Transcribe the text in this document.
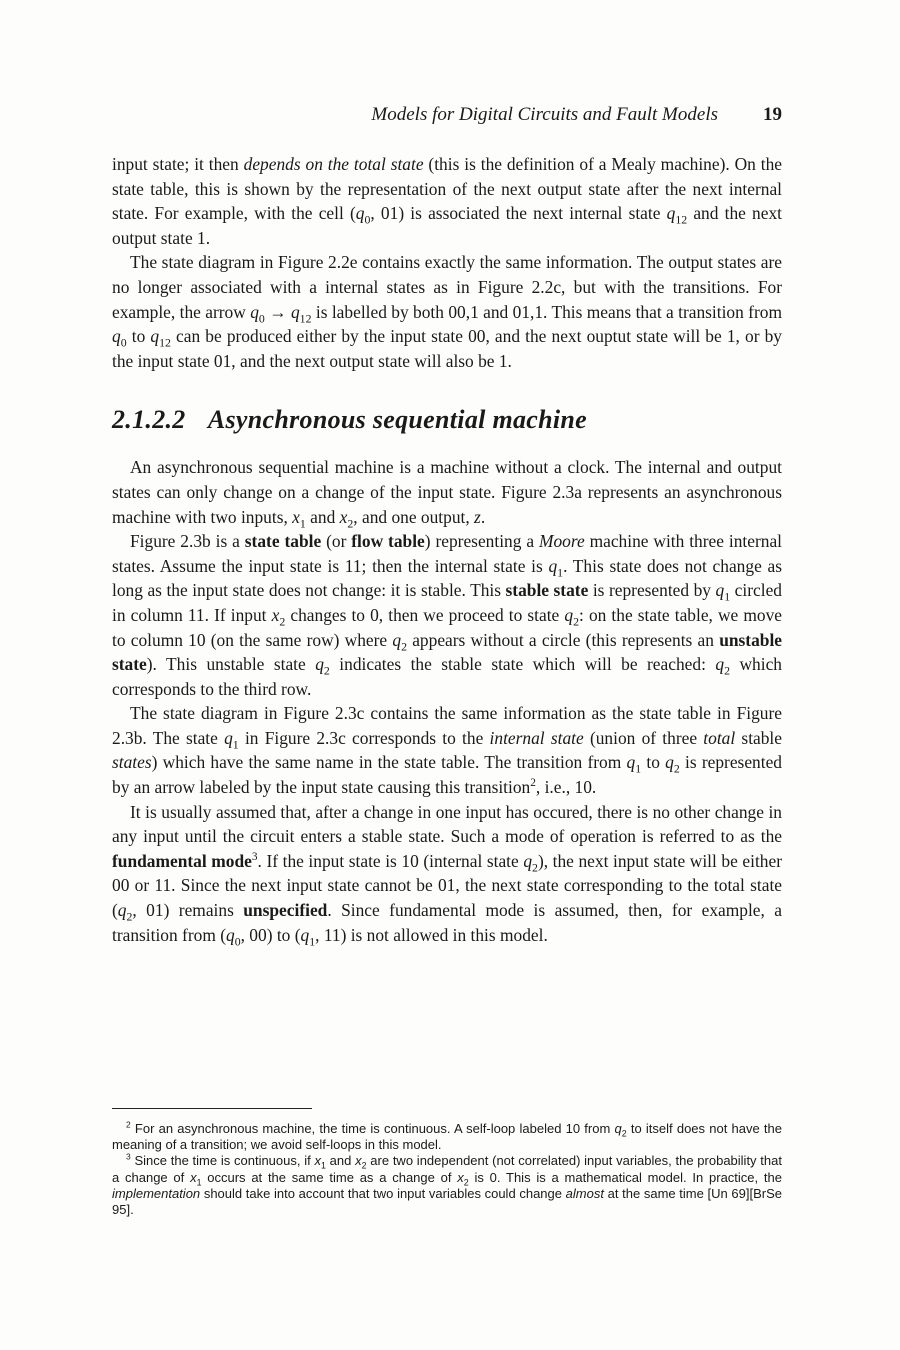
Models for Digital Circuits and Fault Models 19

input state; it then depends on the total state (this is the definition of a Mealy machine). On the state table, this is shown by the representation of the next output state after the next internal state. For example, with the cell ($q_0$, 01) is associated the next internal state $q_{12}$ and the next output state 1.

The state diagram in Figure 2.2e contains exactly the same information. The output states are no longer associated with a internal states as in Figure 2.2c, but with the transitions. For example, the arrow $q_0 \to q_{12}$ is labelled by both 00,1 and 01,1. This means that a transition from $q_0$ to $q_{12}$ can be produced either by the input state 00, and the next ouptut state will be 1, or by the input state 01, and the next output state will also be 1.

2.1.2.2 Asynchronous sequential machine

An asynchronous sequential machine is a machine without a clock. The internal and output states can only change on a change of the input state. Figure 2.3a represents an asynchronous machine with two inputs, $x_1$ and $x_2$, and one output, z.

Figure 2.3b is a state table (or flow table) representing a Moore machine with three internal states. Assume the input state is 11; then the internal state is $q_1$. This state does not change as long as the input state does not change: it is stable. This stable state is represented by $q_1$ circled in column 11. If input $x_2$ changes to 0, then we proceed to state $q_2$: on the state table, we move to column 10 (on the same row) where $q_2$ appears without a circle (this represents an unstable state). This unstable state $q_2$ indicates the stable state which will be reached: $q_2$ which corresponds to the third row.

The state diagram in Figure 2.3c contains the same information as the state table in Figure 2.3b. The state $q_1$ in Figure 2.3c corresponds to the internal state (union of three total stable states) which have the same name in the state table. The transition from $q_1$ to $q_2$ is represented by an arrow labeled by the input state causing this transition$^2$, i.e., 10.

It is usually assumed that, after a change in one input has occured, there is no other change in any input until the circuit enters a stable state. Such a mode of operation is referred to as the fundamental mode$^3$. If the input state is 10 (internal state $q_2$), the next input state will be either 00 or 11. Since the next input state cannot be 01, the next state corresponding to the total state ($q_2$, 01) remains unspecified. Since fundamental mode is assumed, then, for example, a transition from ($q_0$, 00) to ($q_1$, 11) is not allowed in this model.

$^2$ For an asynchronous machine, the time is continuous. A self-loop labeled 10 from $q_2$ to itself does not have the meaning of a transition; we avoid self-loops in this model.

$^3$ Since the time is continuous, if $x_1$ and $x_2$ are two independent (not correlated) input variables, the probability that a change of $x_1$ occurs at the same time as a change of $x_2$ is 0. This is a mathematical model. In practice, the implementation should take into account that two input variables could change almost at the same time [Un 69][BrSe 95].
